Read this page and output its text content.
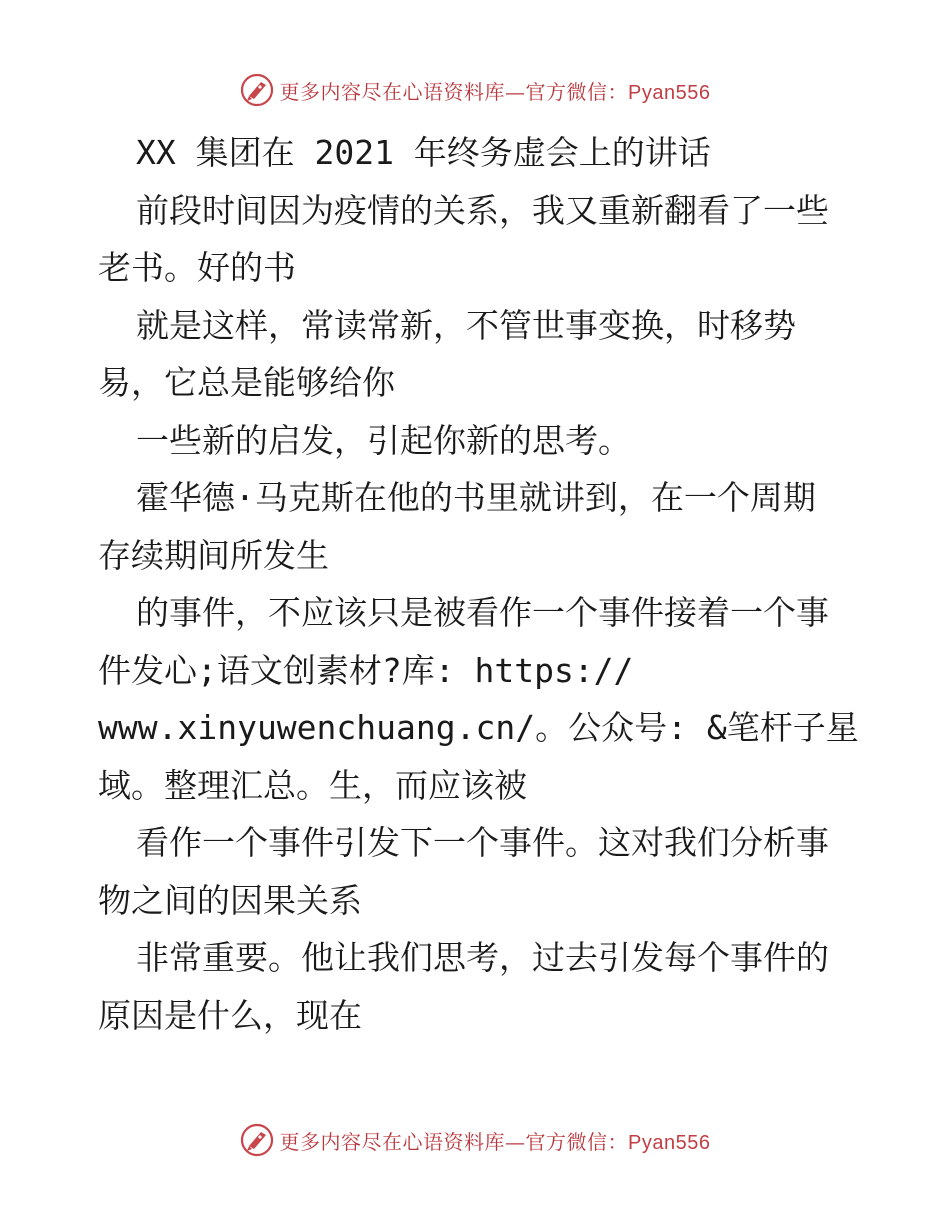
更多内容尽在心语资料库—官方微信：Pyan556
XX 集团在 2021 年终务虚会上的讲话
前段时间因为疫情的关系，我又重新翻看了一些
老书。好的书
就是这样，常读常新，不管世事变换，时移势
易，它总是能够给你
一些新的启发，引起你新的思考。
霍华德·马克斯在他的书里就讲到，在一个周期
存续期间所发生
的事件，不应该只是被看作一个事件接着一个事
件发心;语文创素材?库: https://
www.xinyuwenchuang.cn/。公众号: &笔杆子星
域。整理汇总。生，而应该被
看作一个事件引发下一个事件。这对我们分析事
物之间的因果关系
非常重要。他让我们思考，过去引发每个事件的
原因是什么，现在
更多内容尽在心语资料库—官方微信：Pyan556
